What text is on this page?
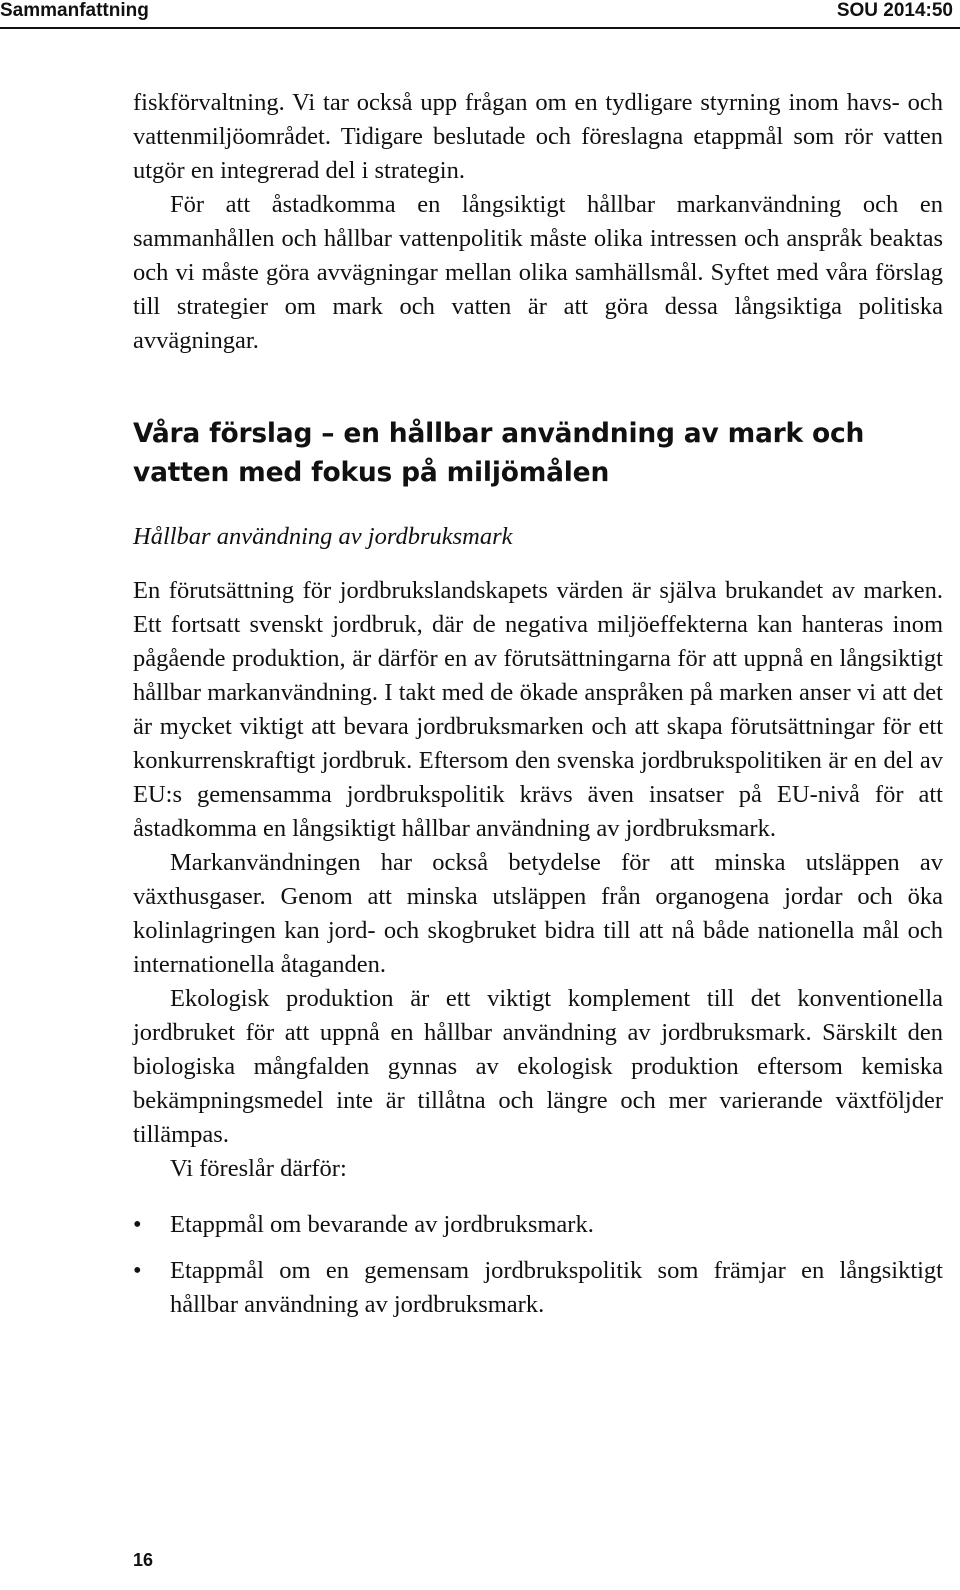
Sammanfattning	SOU 2014:50

fiskförvaltning. Vi tar också upp frågan om en tydligare styrning inom havs- och vattenmiljöområdet. Tidigare beslutade och föreslagna etappmål som rör vatten utgör en integrerad del i strategin.

För att åstadkomma en långsiktigt hållbar markanvändning och en sammanhållen och hållbar vattenpolitik måste olika intressen och anspråk beaktas och vi måste göra avvägningar mellan olika samhällsmål. Syftet med våra förslag till strategier om mark och vatten är att göra dessa långsiktiga politiska avvägningar.

Våra förslag – en hållbar användning av mark och vatten med fokus på miljömålen
Hållbar användning av jordbruksmark

En förutsättning för jordbrukslandskapets värden är själva brukandet av marken. Ett fortsatt svenskt jordbruk, där de negativa miljöeffekterna kan hanteras inom pågående produktion, är därför en av förutsättningarna för att uppnå en långsiktigt hållbar markanvändning. I takt med de ökade anspråken på marken anser vi att det är mycket viktigt att bevara jordbruksmarken och att skapa förutsättningar för ett konkurrenskraftigt jordbruk. Eftersom den svenska jordbrukspolitiken är en del av EU:s gemensamma jordbrukspolitik krävs även insatser på EU-nivå för att åstadkomma en långsiktigt hållbar användning av jordbruksmark.

Markanvändningen har också betydelse för att minska utsläppen av växthusgaser. Genom att minska utsläppen från organogena jordar och öka kolinlagringen kan jord- och skogbruket bidra till att nå både nationella mål och internationella åtaganden.

Ekologisk produktion är ett viktigt komplement till det konventionella jordbruket för att uppnå en hållbar användning av jordbruksmark. Särskilt den biologiska mångfalden gynnas av ekologisk produktion eftersom kemiska bekämpningsmedel inte är tillåtna och längre och mer varierande växtföljder tillämpas.

Vi föreslår därför:

• Etappmål om bevarande av jordbruksmark.
• Etappmål om en gemensam jordbrukspolitik som främjar en långsiktigt hållbar användning av jordbruksmark.
16
